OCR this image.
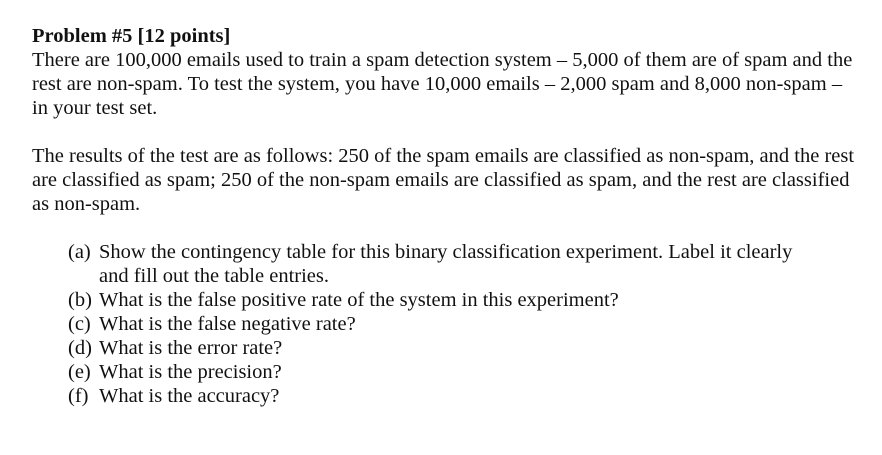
Problem #5 [12 points]

There are 100,000 emails used to train a spam detection system – 5,000 of them are of spam and the rest are non-spam. To test the system, you have 10,000 emails – 2,000 spam and 8,000 non-spam – in your test set.

The results of the test are as follows: 250 of the spam emails are classified as non-spam, and the rest are classified as spam; 250 of the non-spam emails are classified as spam, and the rest are classified as non-spam.

(a) Show the contingency table for this binary classification experiment. Label it clearly and fill out the table entries.
(b) What is the false positive rate of the system in this experiment?
(c) What is the false negative rate?
(d) What is the error rate?
(e) What is the precision?
(f) What is the accuracy?
